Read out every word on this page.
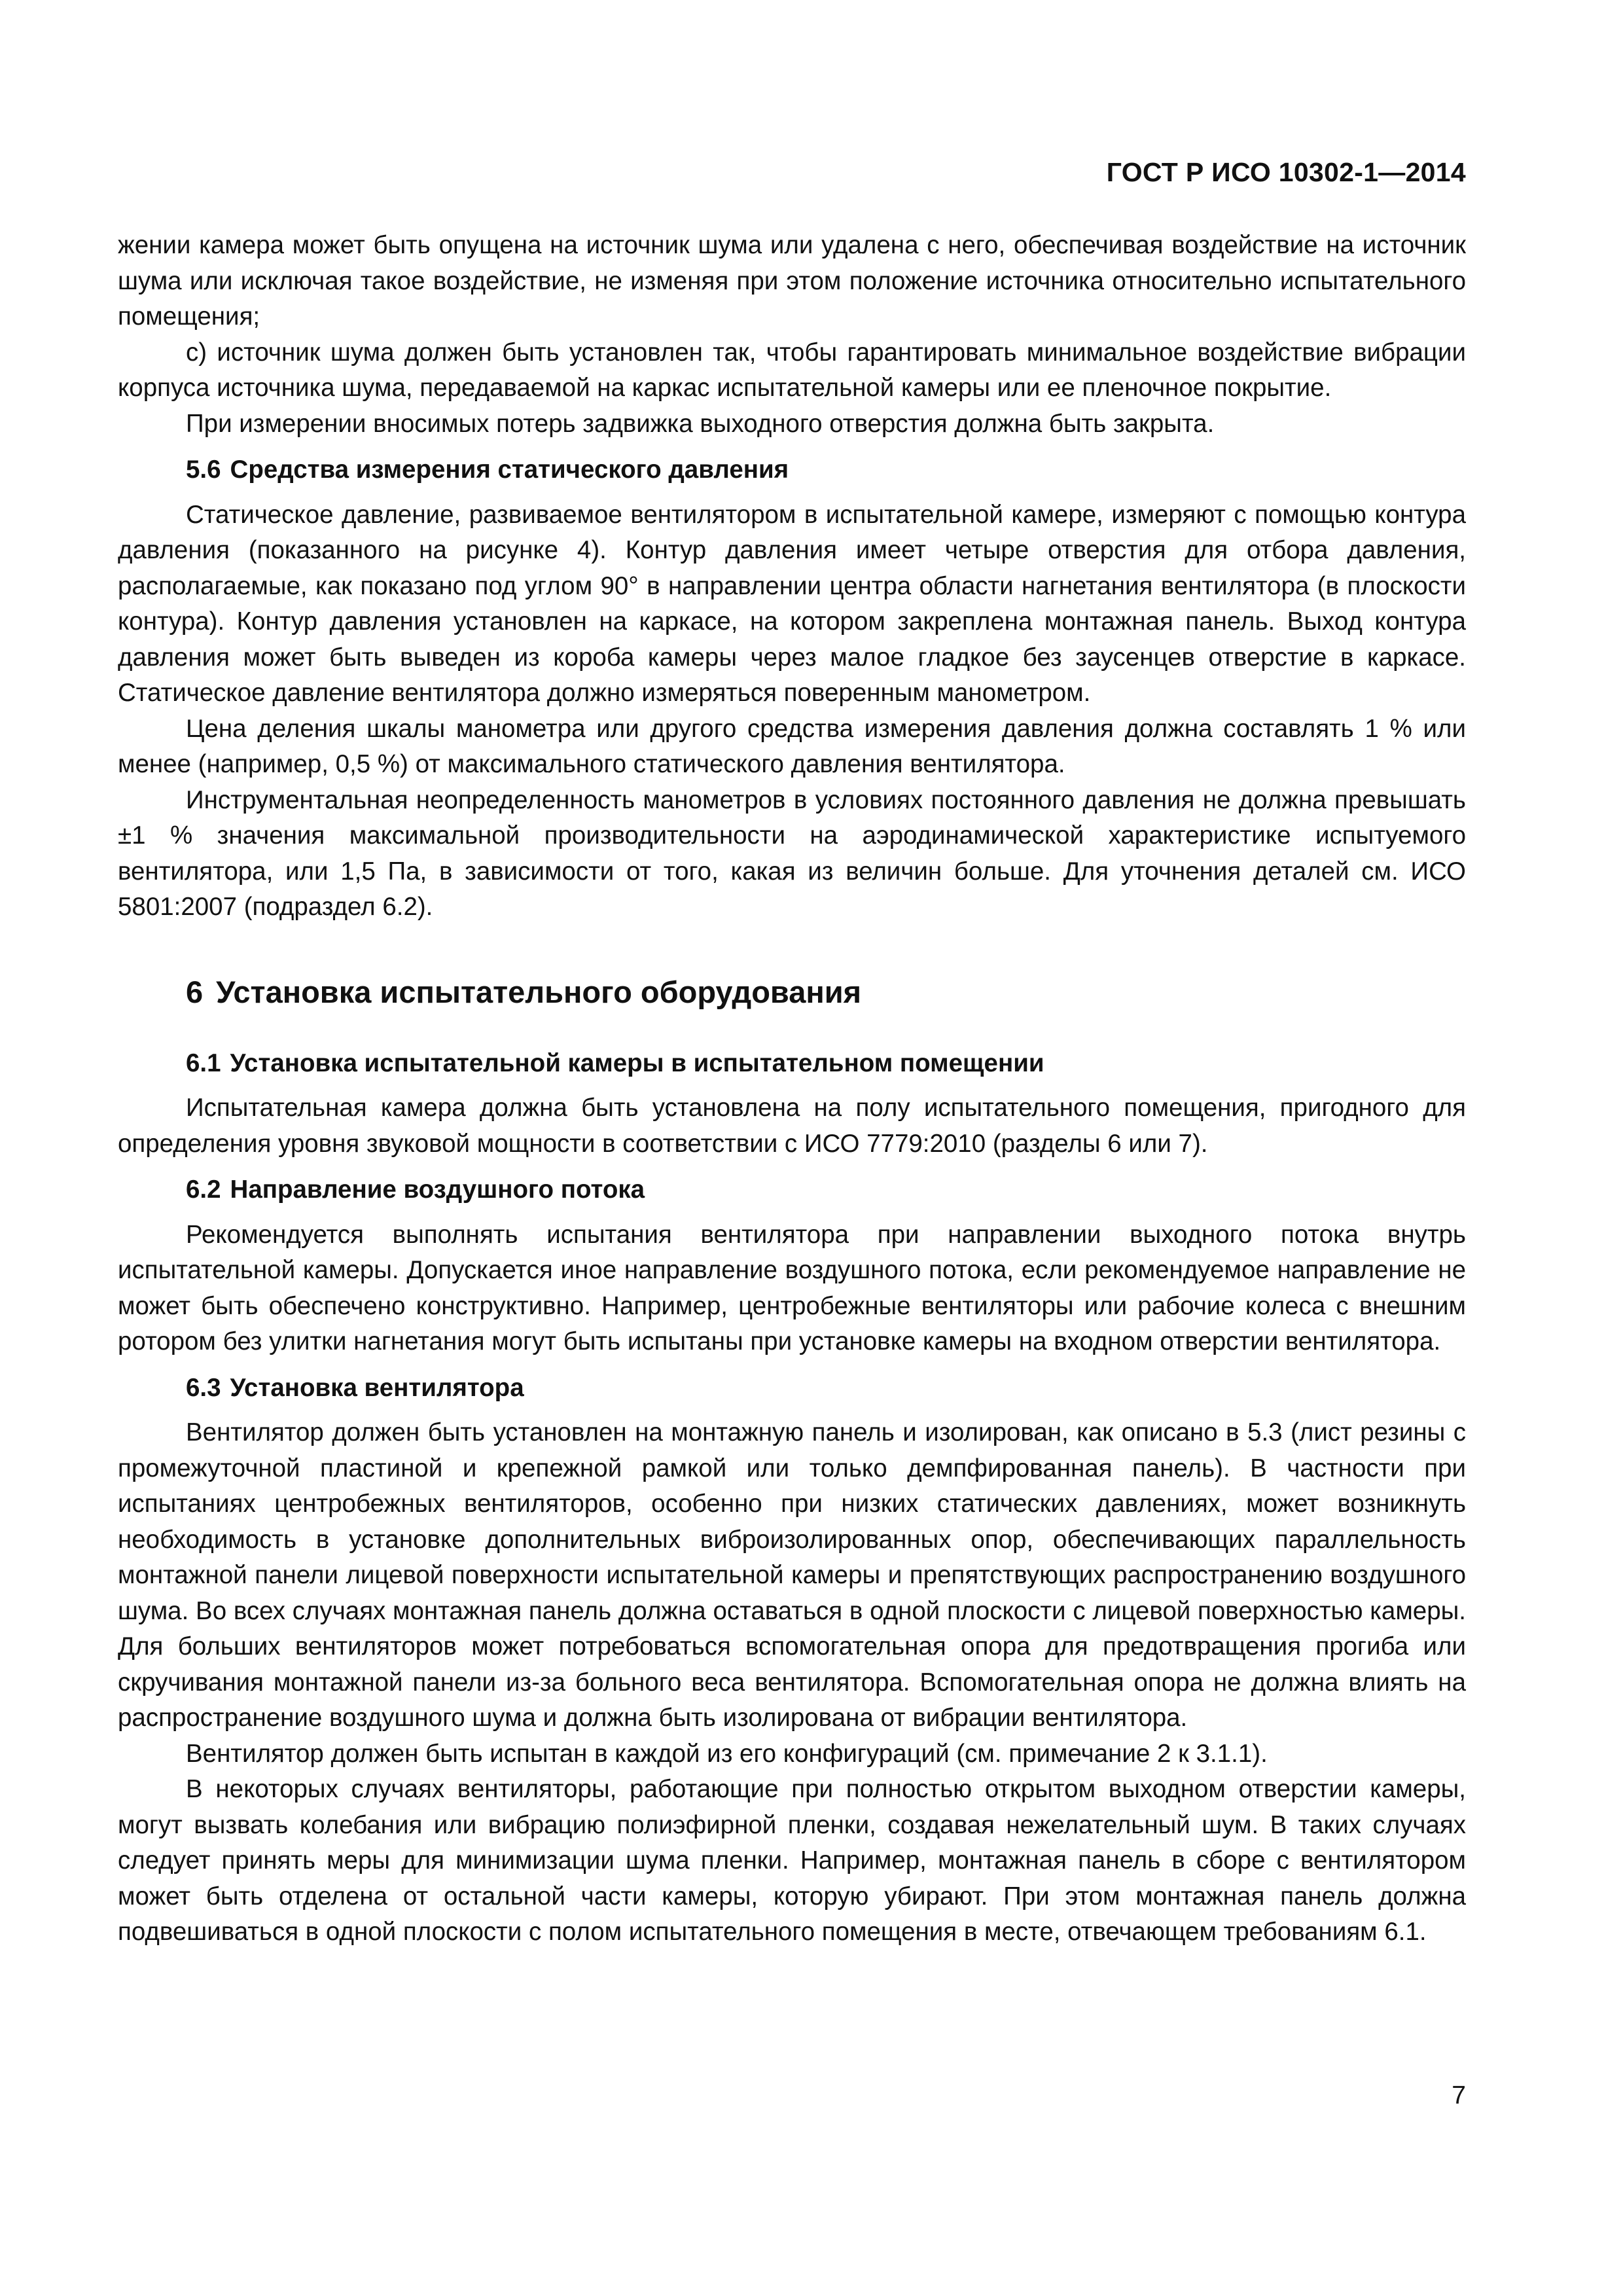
ГОСТ Р ИСО 10302-1—2014

жении камера может быть опущена на источник шума или удалена с него, обеспечивая воздействие на источник шума или исключая такое воздействие, не изменяя при этом положение источника относительно испытательного помещения;

с) источник шума должен быть установлен так, чтобы гарантировать минимальное воздействие вибрации корпуса источника шума, передаваемой на каркас испытательной камеры или ее пленочное покрытие.

При измерении вносимых потерь задвижка выходного отверстия должна быть закрыта.

5.6 Средства измерения статического давления

Статическое давление, развиваемое вентилятором в испытательной камере, измеряют с помощью контура давления (показанного на рисунке 4). Контур давления имеет четыре отверстия для отбора давления, располагаемые, как показано под углом 90° в направлении центра области нагнетания вентилятора (в плоскости контура). Контур давления установлен на каркасе, на котором закреплена монтажная панель. Выход контура давления может быть выведен из короба камеры через малое гладкое без заусенцев отверстие в каркасе. Статическое давление вентилятора должно измеряться поверенным манометром.

Цена деления шкалы манометра или другого средства измерения давления должна составлять 1 % или менее (например, 0,5 %) от максимального статического давления вентилятора.

Инструментальная неопределенность манометров в условиях постоянного давления не должна превышать ±1 % значения максимальной производительности на аэродинамической характеристике испытуемого вентилятора, или 1,5 Па, в зависимости от того, какая из величин больше. Для уточнения деталей см. ИСО 5801:2007 (подраздел 6.2).

6 Установка испытательного оборудования
6.1 Установка испытательной камеры в испытательном помещении

Испытательная камера должна быть установлена на полу испытательного помещения, пригодного для определения уровня звуковой мощности в соответствии с ИСО 7779:2010 (разделы 6 или 7).

6.2 Направление воздушного потока

Рекомендуется выполнять испытания вентилятора при направлении выходного потока внутрь испытательной камеры. Допускается иное направление воздушного потока, если рекомендуемое направление не может быть обеспечено конструктивно. Например, центробежные вентиляторы или рабочие колеса с внешним ротором без улитки нагнетания могут быть испытаны при установке камеры на входном отверстии вентилятора.

6.3 Установка вентилятора

Вентилятор должен быть установлен на монтажную панель и изолирован, как описано в 5.3 (лист резины с промежуточной пластиной и крепежной рамкой или только демпфированная панель). В частности при испытаниях центробежных вентиляторов, особенно при низких статических давлениях, может возникнуть необходимость в установке дополнительных виброизолированных опор, обеспечивающих параллельность монтажной панели лицевой поверхности испытательной камеры и препятствующих распространению воздушного шума. Во всех случаях монтажная панель должна оставаться в одной плоскости с лицевой поверхностью камеры. Для больших вентиляторов может потребоваться вспомогательная опора для предотвращения прогиба или скручивания монтажной панели из-за больного веса вентилятора. Вспомогательная опора не должна влиять на распространение воздушного шума и должна быть изолирована от вибрации вентилятора.

Вентилятор должен быть испытан в каждой из его конфигураций (см. примечание 2 к 3.1.1).

В некоторых случаях вентиляторы, работающие при полностью открытом выходном отверстии камеры, могут вызвать колебания или вибрацию полиэфирной пленки, создавая нежелательный шум. В таких случаях следует принять меры для минимизации шума пленки. Например, монтажная панель в сборе с вентилятором может быть отделена от остальной части камеры, которую убирают. При этом монтажная панель должна подвешиваться в одной плоскости с полом испытательного помещения в месте, отвечающем требованиям 6.1.

7
